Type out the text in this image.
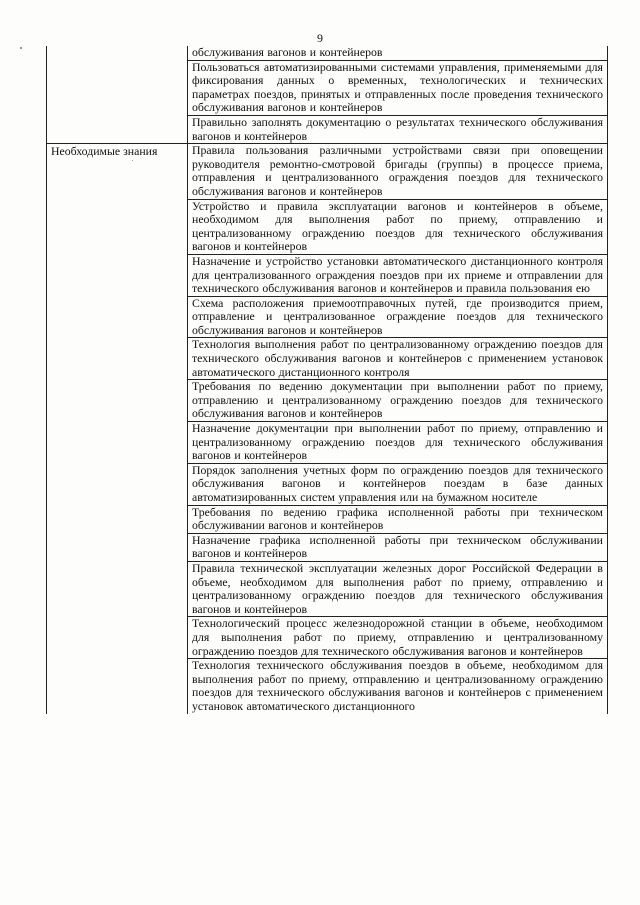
9
	обслуживания вагонов и контейнеров
	Пользоваться автоматизированными системами управления, применяемыми для фиксирования данных о временных, технологических и технических параметрах поездов, принятых и отправленных после проведения технического обслуживания вагонов и контейнеров
	Правильно заполнять документацию о результатах технического обслуживания вагонов и контейнеров
Необходимые знания	Правила пользования различными устройствами связи при оповещении руководителя ремонтно-смотровой бригады (группы) в процессе приема, отправления и централизованного ограждения поездов для технического обслуживания вагонов и контейнеров
	Устройство и правила эксплуатации вагонов и контейнеров в объеме, необходимом для выполнения работ по приему, отправлению и централизованному ограждению поездов для технического обслуживания вагонов и контейнеров
	Назначение и устройство установки автоматического дистанционного контроля для централизованного ограждения поездов при их приеме и отправлении для технического обслуживания вагонов и контейнеров и правила пользования ею
	Схема расположения приемоотправочных путей, где производится прием, отправление и централизованное ограждение поездов для технического обслуживания вагонов и контейнеров
	Технология выполнения работ по централизованному ограждению поездов для технического обслуживания вагонов и контейнеров с применением установок автоматического дистанционного контроля
	Требования по ведению документации при выполнении работ по приему, отправлению и централизованному ограждению поездов для технического обслуживания вагонов и контейнеров
	Назначение документации при выполнении работ по приему, отправлению и централизованному ограждению поездов для технического обслуживания вагонов и контейнеров
	Порядок заполнения учетных форм по ограждению поездов для технического обслуживания вагонов и контейнеров поездам в базе данных автоматизированных систем управления или на бумажном носителе
	Требования по ведению графика исполненной работы при техническом обслуживании вагонов и контейнеров
	Назначение графика исполненной работы при техническом обслуживании вагонов и контейнеров
	Правила технической эксплуатации железных дорог Российской Федерации в объеме, необходимом для выполнения работ по приему, отправлению и централизованному ограждению поездов для технического обслуживания вагонов и контейнеров
	Технологический процесс железнодорожной станции в объеме, необходимом для выполнения работ по приему, отправлению и централизованному ограждению поездов для технического обслуживания вагонов и контейнеров
	Технология технического обслуживания поездов в объеме, необходимом для выполнения работ по приему, отправлению и централизованному ограждению поездов для технического обслуживания вагонов и контейнеров с применением установок автоматического дистанционного
